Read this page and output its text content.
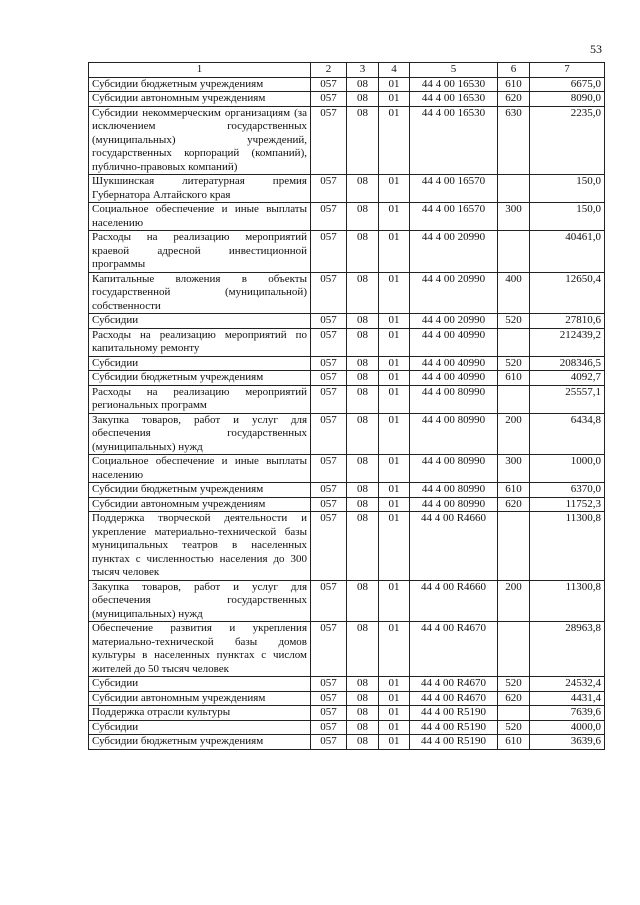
53
1	2	3	4	5	6	7
Субсидии бюджетным учреждениям	057	08	01	44 4 00 16530	610	6675,0
Субсидии автономным учреждениям	057	08	01	44 4 00 16530	620	8090,0
Субсидии некоммерческим организациям (за исключением государственных (муниципальных) учреждений, государственных корпораций (компаний), публично-правовых компаний)	057	08	01	44 4 00 16530	630	2235,0
Шукшинская литературная премия Губернатора Алтайского края	057	08	01	44 4 00 16570		150,0
Социальное обеспечение и иные выплаты населению	057	08	01	44 4 00 16570	300	150,0
Расходы на реализацию мероприятий краевой адресной инвестиционной программы	057	08	01	44 4 00 20990		40461,0
Капитальные вложения в объекты государственной (муниципальной) собственности	057	08	01	44 4 00 20990	400	12650,4
Субсидии	057	08	01	44 4 00 20990	520	27810,6
Расходы на реализацию мероприятий по капитальному ремонту	057	08	01	44 4 00 40990		212439,2
Субсидии	057	08	01	44 4 00 40990	520	208346,5
Субсидии бюджетным учреждениям	057	08	01	44 4 00 40990	610	4092,7
Расходы на реализацию мероприятий региональных программ	057	08	01	44 4 00 80990		25557,1
Закупка товаров, работ и услуг для обеспечения государственных (муниципальных) нужд	057	08	01	44 4 00 80990	200	6434,8
Социальное обеспечение и иные выплаты населению	057	08	01	44 4 00 80990	300	1000,0
Субсидии бюджетным учреждениям	057	08	01	44 4 00 80990	610	6370,0
Субсидии автономным учреждениям	057	08	01	44 4 00 80990	620	11752,3
Поддержка творческой деятельности и укрепление материально-технической базы муниципальных театров в населенных пунктах с численностью населения до 300 тысяч человек	057	08	01	44 4 00 R4660		11300,8
Закупка товаров, работ и услуг для обеспечения государственных (муниципальных) нужд	057	08	01	44 4 00 R4660	200	11300,8
Обеспечение развития и укрепления материально-технической базы домов культуры в населенных пунктах с числом жителей до 50 тысяч человек	057	08	01	44 4 00 R4670		28963,8
Субсидии	057	08	01	44 4 00 R4670	520	24532,4
Субсидии автономным учреждениям	057	08	01	44 4 00 R4670	620	4431,4
Поддержка отрасли культуры	057	08	01	44 4 00 R5190		7639,6
Субсидии	057	08	01	44 4 00 R5190	520	4000,0
Субсидии бюджетным учреждениям	057	08	01	44 4 00 R5190	610	3639,6
